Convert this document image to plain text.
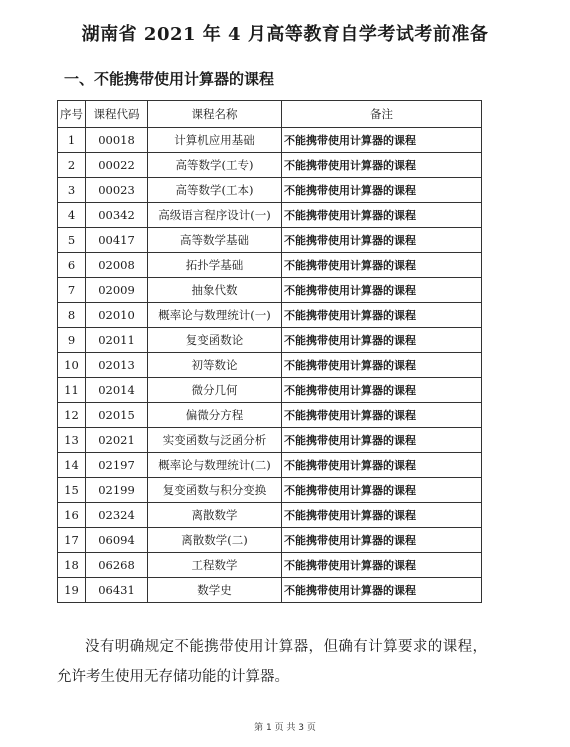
湖南省 2021 年 4 月高等教育自学考试考前准备
一、不能携带使用计算器的课程
序号	课程代码	课程名称	备注
1	00018	计算机应用基础	不能携带使用计算器的课程
2	00022	高等数学(工专)	不能携带使用计算器的课程
3	00023	高等数学(工本)	不能携带使用计算器的课程
4	00342	高级语言程序设计(一)	不能携带使用计算器的课程
5	00417	高等数学基础	不能携带使用计算器的课程
6	02008	拓扑学基础	不能携带使用计算器的课程
7	02009	抽象代数	不能携带使用计算器的课程
8	02010	概率论与数理统计(一)	不能携带使用计算器的课程
9	02011	复变函数论	不能携带使用计算器的课程
10	02013	初等数论	不能携带使用计算器的课程
11	02014	微分几何	不能携带使用计算器的课程
12	02015	偏微分方程	不能携带使用计算器的课程
13	02021	实变函数与泛函分析	不能携带使用计算器的课程
14	02197	概率论与数理统计(二)	不能携带使用计算器的课程
15	02199	复变函数与积分变换	不能携带使用计算器的课程
16	02324	离散数学	不能携带使用计算器的课程
17	06094	离散数学(二)	不能携带使用计算器的课程
18	06268	工程数学	不能携带使用计算器的课程
19	06431	数学史	不能携带使用计算器的课程
没有明确规定不能携带使用计算器，但确有计算要求的课程，允许考生使用无存储功能的计算器。
第 1 页 共 3 页
